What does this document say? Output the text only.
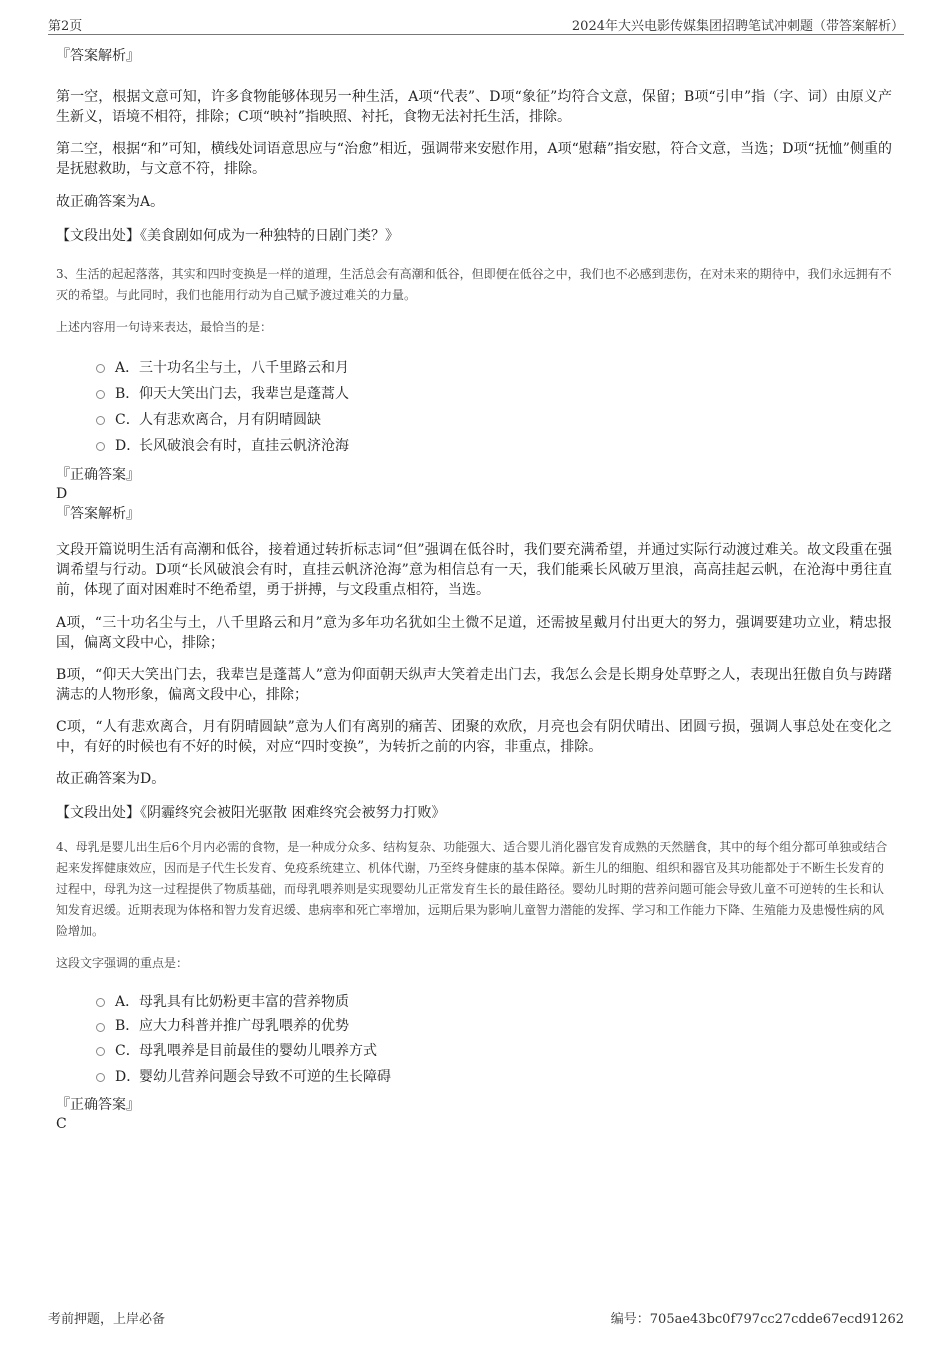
第2页	2024年大兴电影传媒集团招聘笔试冲刺题（带答案解析）

『答案解析』

第一空，根据文意可知，许多食物能够体现另一种生活，A项“代表”、D项“象征”均符合文意，保留；B项“引申”指（字、词）由原义产生新义，语境不相符，排除；C项“映衬”指映照、衬托，食物无法衬托生活，排除。

第二空，根据“和”可知，横线处词语意思应与“治愈”相近，强调带来安慰作用，A项“慰藉”指安慰，符合文意，当选；D项“抚恤”侧重的是抚慰救助，与文意不符，排除。

故正确答案为A。

【文段出处】《美食剧如何成为一种独特的日剧门类？》

3、生活的起起落落，其实和四时变换是一样的道理，生活总会有高潮和低谷，但即便在低谷之中，我们也不必感到悲伤，在对未来的期待中，我们永远拥有不灭的希望。与此同时，我们也能用行动为自己赋予渡过难关的力量。

上述内容用一句诗来表达，最恰当的是：

A．三十功名尘与土，八千里路云和月
B．仰天大笑出门去，我辈岂是蓬蒿人
C．人有悲欢离合，月有阴晴圆缺
D．长风破浪会有时，直挂云帆济沧海

『正确答案』

D

『答案解析』

文段开篇说明生活有高潮和低谷，接着通过转折标志词“但”强调在低谷时，我们要充满希望，并通过实际行动渡过难关。故文段重在强调希望与行动。D项“长风破浪会有时，直挂云帆济沧海”意为相信总有一天，我们能乘长风破万里浪，高高挂起云帆，在沧海中勇往直前，体现了面对困难时不绝希望，勇于拼搏，与文段重点相符，当选。

A项，“三十功名尘与土，八千里路云和月”意为多年功名犹如尘土微不足道，还需披星戴月付出更大的努力，强调要建功立业，精忠报国，偏离文段中心，排除；

B项，“仰天大笑出门去，我辈岂是蓬蒿人”意为仰面朝天纵声大笑着走出门去，我怎么会是长期身处草野之人，表现出狂傲自负与踌躇满志的人物形象，偏离文段中心，排除；

C项，“人有悲欢离合，月有阴晴圆缺”意为人们有离别的痛苦、团聚的欢欣，月亮也会有阴伏晴出、团圆亏损，强调人事总处在变化之中，有好的时候也有不好的时候，对应“四时变换”，为转折之前的内容，非重点，排除。

故正确答案为D。

【文段出处】《阴霾终究会被阳光驱散 困难终究会被努力打败》

4、母乳是婴儿出生后6个月内必需的食物，是一种成分众多、结构复杂、功能强大、适合婴儿消化器官发育成熟的天然膳食，其中的每个组分都可单独或结合起来发挥健康效应，因而是子代生长发育、免疫系统建立、机体代谢，乃至终身健康的基本保障。新生儿的细胞、组织和器官及其功能都处于不断生长发育的过程中，母乳为这一过程提供了物质基础，而母乳喂养则是实现婴幼儿正常发育生长的最佳路径。婴幼儿时期的营养问题可能会导致儿童不可逆转的生长和认知发育迟缓。近期表现为体格和智力发育迟缓、患病率和死亡率增加，远期后果为影响儿童智力潜能的发挥、学习和工作能力下降、生殖能力及患慢性病的风险增加。

这段文字强调的重点是：

A．母乳具有比奶粉更丰富的营养物质
B．应大力科普并推广母乳喂养的优势
C．母乳喂养是目前最佳的婴幼儿喂养方式
D．婴幼儿营养问题会导致不可逆的生长障碍

『正确答案』

C

考前押题，上岸必备	编号：705ae43bc0f797cc27cdde67ecd91262
